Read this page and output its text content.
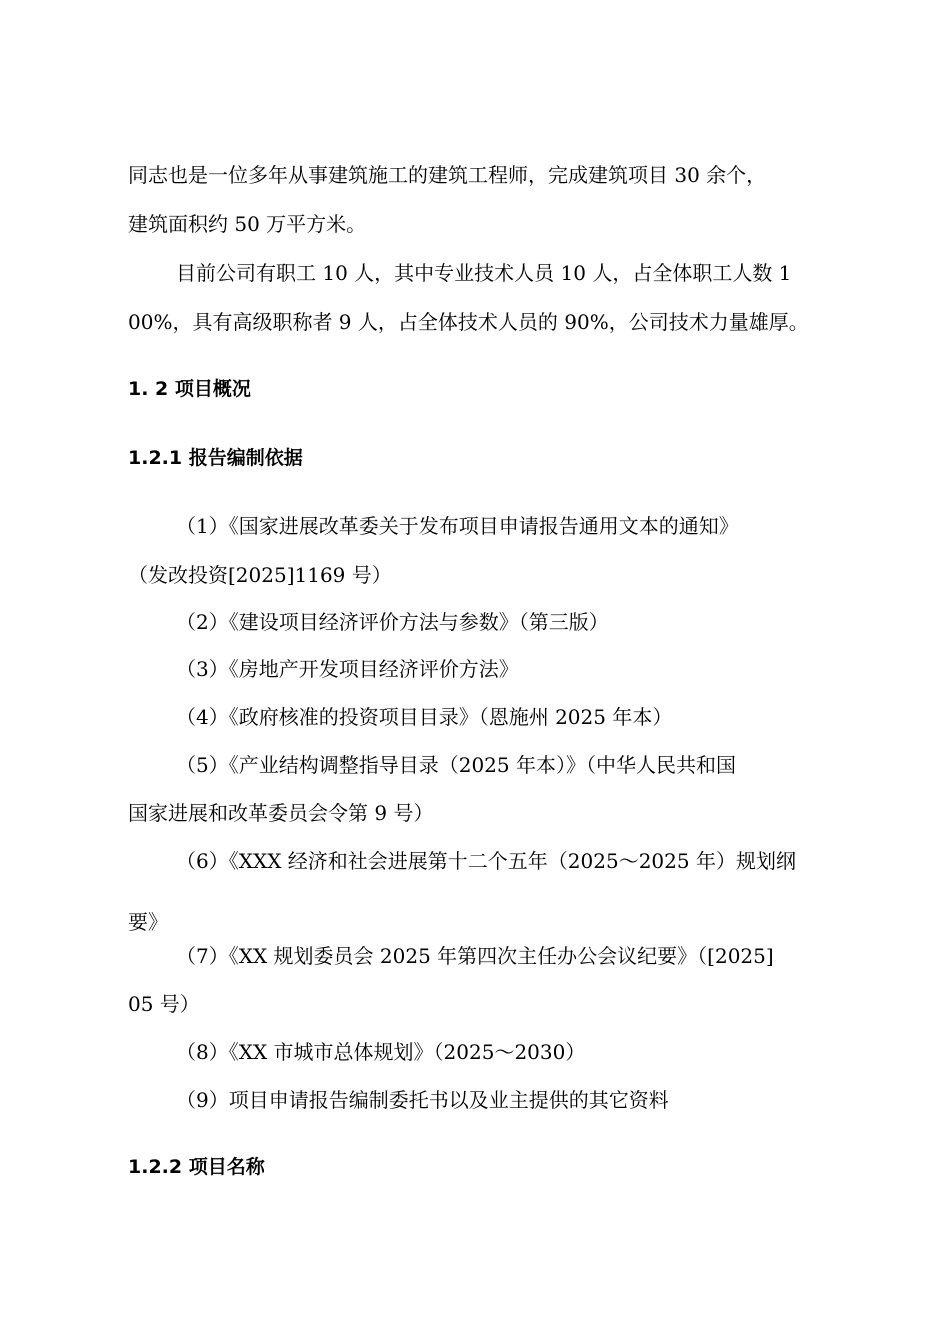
同志也是一位多年从事建筑施工的建筑工程师，完成建筑项目 30 余个，

建筑面积约 50 万平方米。

目前公司有职工 10 人，其中专业技术人员 10 人，占全体职工人数 1

00%，具有高级职称者 9 人，占全体技术人员的 90%，公司技术力量雄厚。

1. 2 项目概况
1.2.1 报告编制依据

（1）《国家进展改革委关于发布项目申请报告通用文本的通知》

（发改投资[2025]1169 号）

（2）《建设项目经济评价方法与参数》（第三版）

（3）《房地产开发项目经济评价方法》

（4）《政府核准的投资项目目录》（恩施州 2025 年本）

（5）《产业结构调整指导目录（2025 年本）》（中华人民共和国

国家进展和改革委员会令第 9 号）

（6）《XXX 经济和社会进展第十二个五年（2025～2025 年）规划纲

要》

（7）《XX 规划委员会 2025 年第四次主任办公会议纪要》（[2025]

05 号）

（8）《XX 市城市总体规划》（2025～2030）

（9）项目申请报告编制委托书以及业主提供的其它资料

1.2.2 项目名称
